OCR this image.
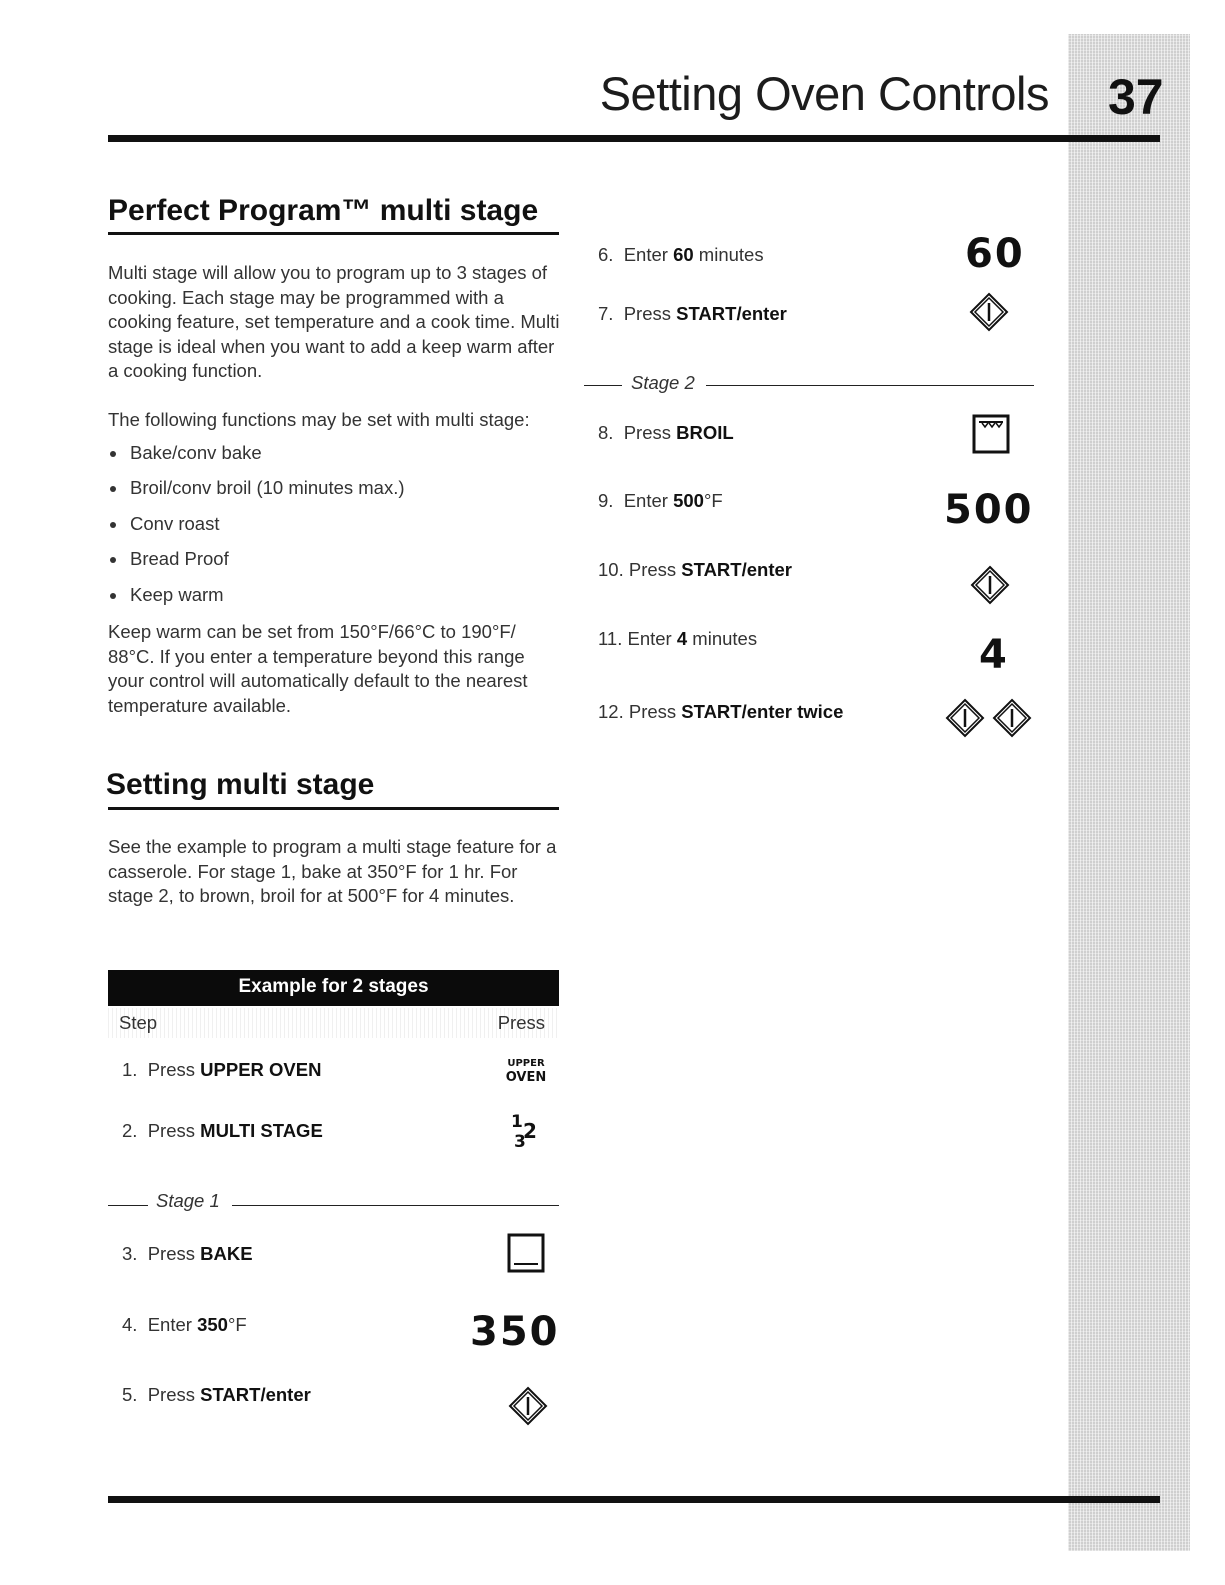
Setting Oven Controls 37
Perfect Program™ multi stage
Multi stage will allow you to program up to 3 stages of cooking. Each stage may be programmed with a cooking feature, set temperature and a cook time. Multi stage is ideal when you want to add a keep warm after a cooking function.
The following functions may be set with multi stage:
Bake/conv bake
Broil/conv broil (10 minutes max.)
Conv roast
Bread Proof
Keep warm
Keep warm can be set from 150°F/66°C to 190°F/ 88°C. If you enter a temperature beyond this range your control will automatically default to the nearest temperature available.
Setting multi stage
See the example to program a multi stage feature for a casserole. For stage 1, bake at 350°F for 1 hr. For stage 2, to brown, broil for at 500°F for 4 minutes.
Example for 2 stages
Step	Press
1. Press UPPER OVEN	UPPER
OVEN
2. Press MULTI STAGE	1 2
3
Stage 1
3. Press BAKE
4. Enter 350°F	350
5. Press START/enter
6. Enter 60 minutes	60
7. Press START/enter
Stage 2
8. Press BROIL
9. Enter 500°F	500
10. Press START/enter
11. Enter 4 minutes	4
12. Press START/enter twice
